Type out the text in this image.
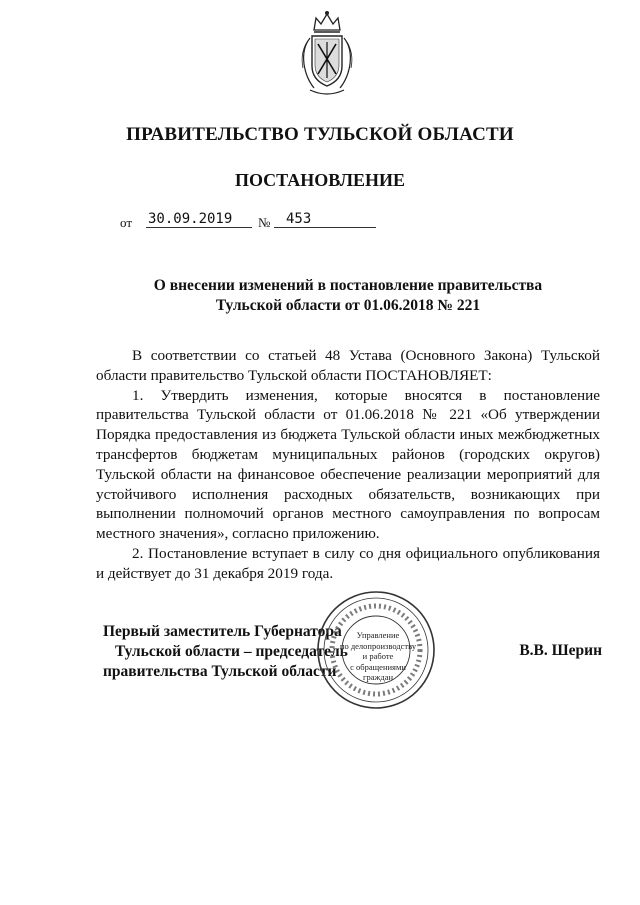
ПРАВИТЕЛЬСТВО ТУЛЬСКОЙ ОБЛАСТИ
ПОСТАНОВЛЕНИЕ
от 30.09.2019	№	453
О внесении изменений в постановление правительства
Тульской области от 01.06.2018 № 221

В соответствии со статьей 48 Устава (Основного Закона) Тульской области правительство Тульской области ПОСТАНОВЛЯЕТ:

1. Утвердить изменения, которые вносятся в постановление правительства Тульской области от 01.06.2018 № 221 «Об утверждении Порядка предоставления из бюджета Тульской области иных межбюджетных трансфертов бюджетам муниципальных районов (городских округов) Тульской области на финансовое обеспечение реализации мероприятий для устойчивого исполнения расходных обязательств, возникающих при выполнении полномочий органов местного самоуправления по вопросам местного значения», согласно приложению.

2. Постановление вступает в силу со дня официального опубликования и действует до 31 декабря 2019 года.

Первый заместитель Губернатора
Тульской области – председатель
правительства Тульской области
В.В. Шерин
Управление
по делопроизводству
и работе
с обращениями
граждан
